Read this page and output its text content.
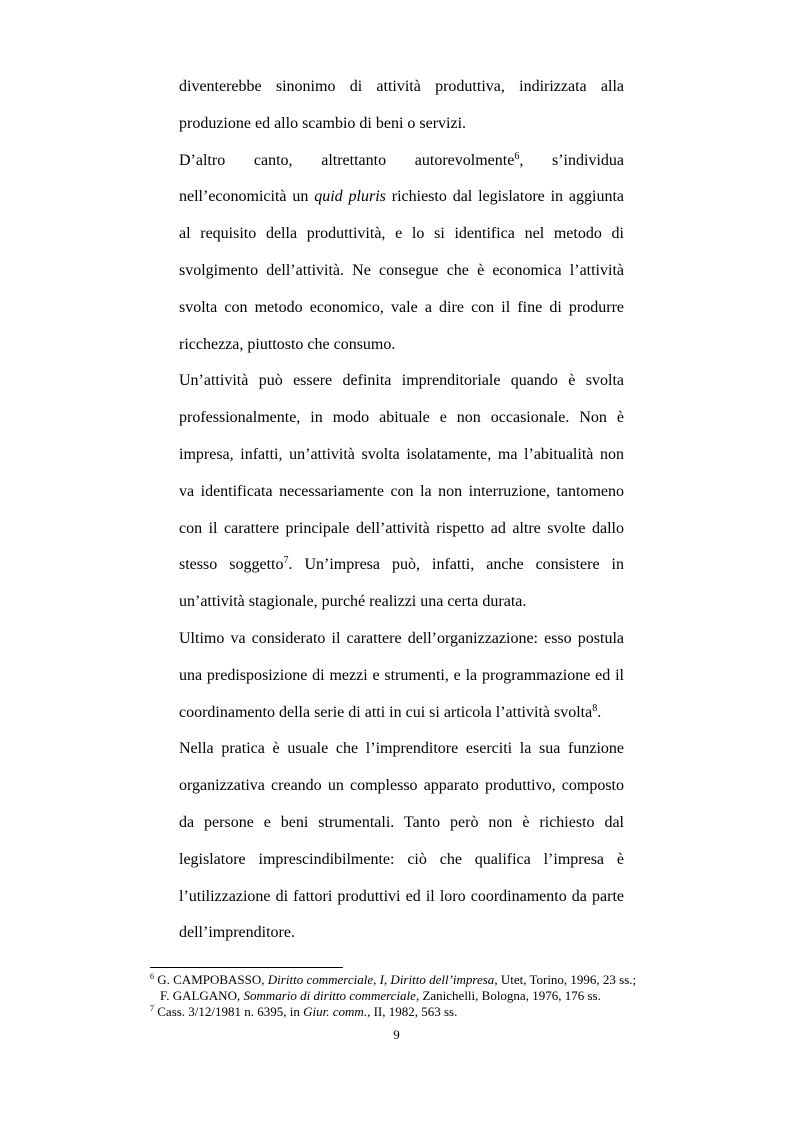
diventerebbe sinonimo di attività produttiva, indirizzata alla produzione ed allo scambio di beni o servizi.

D’altro canto, altrettanto autorevolmente$^6$, s’individua nell’economicità un quid pluris richiesto dal legislatore in aggiunta al requisito della produttività, e lo si identifica nel metodo di svolgimento dell’attività. Ne consegue che è economica l’attività svolta con metodo economico, vale a dire con il fine di produrre ricchezza, piuttosto che consumo.

Un’attività può essere definita imprenditoriale quando è svolta professionalmente, in modo abituale e non occasionale. Non è impresa, infatti, un’attività svolta isolatamente, ma l’abitualità non va identificata necessariamente con la non interruzione, tantomeno con il carattere principale dell’attività rispetto ad altre svolte dallo stesso soggetto$^7$. Un’impresa può, infatti, anche consistere in un’attività stagionale, purché realizzi una certa durata.

Ultimo va considerato il carattere dell’organizzazione: esso postula una predisposizione di mezzi e strumenti, e la programmazione ed il coordinamento della serie di atti in cui si articola l’attività svolta$^8$.

Nella pratica è usuale che l’imprenditore eserciti la sua funzione organizzativa creando un complesso apparato produttivo, composto da persone e beni strumentali. Tanto però non è richiesto dal legislatore imprescindibilmente: ciò che qualifica l’impresa è l’utilizzazione di fattori produttivi ed il loro coordinamento da parte dell’imprenditore.

$^6$ G. CAMPOBASSO, Diritto commerciale, I, Diritto dell’impresa, Utet, Torino, 1996, 23 ss.;

F. GALGANO, Sommario di diritto commerciale, Zanichelli, Bologna, 1976, 176 ss.

$^7$ Cass. 3/12/1981 n. 6395, in Giur. comm., II, 1982, 563 ss.

9
